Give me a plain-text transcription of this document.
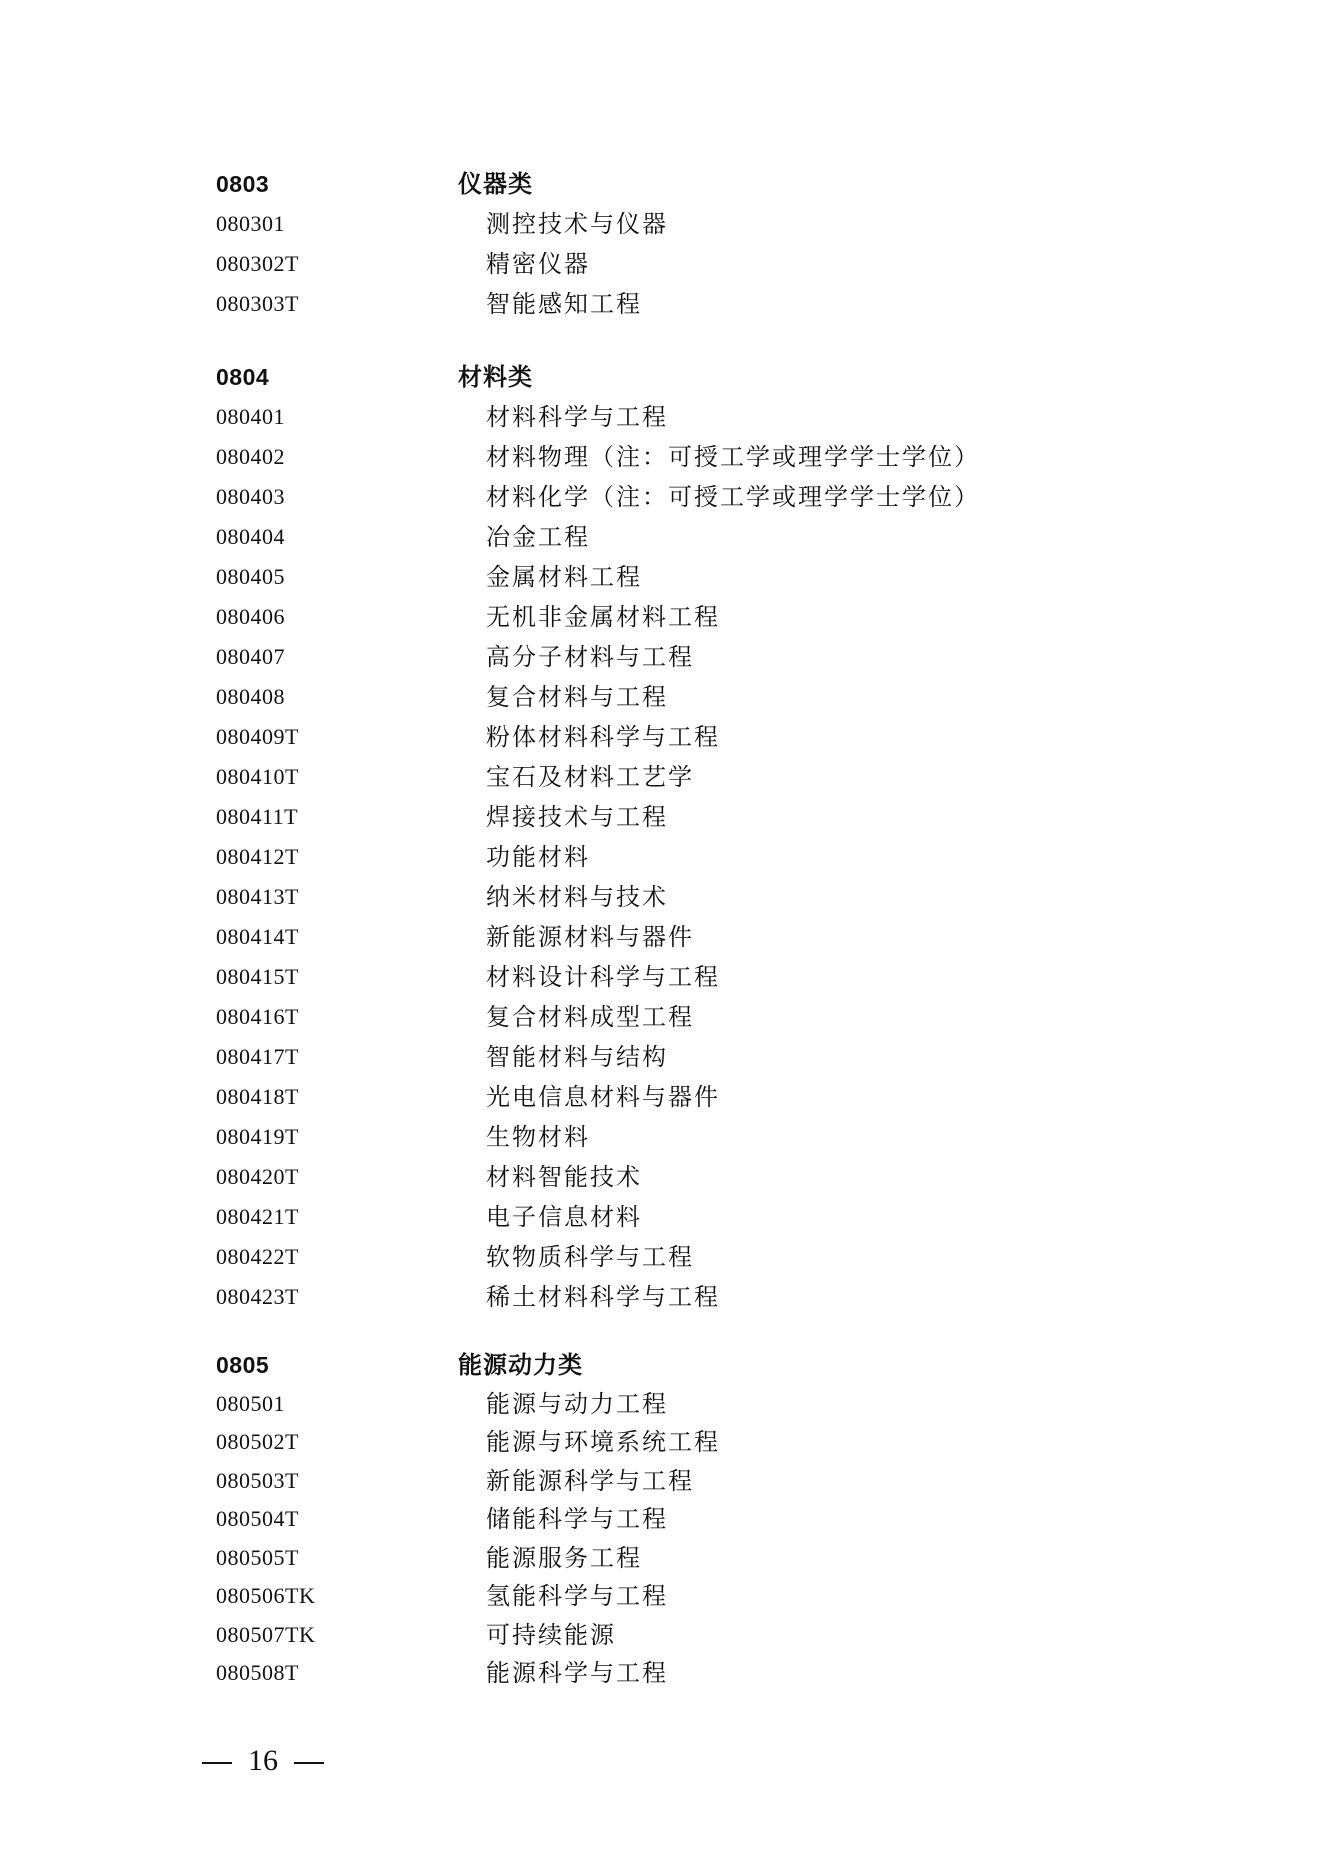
0803	仪器类
080301	测控技术与仪器
080302T	精密仪器
080303T	智能感知工程
0804	材料类
080401	材料科学与工程
080402	材料物理（注：可授工学或理学学士学位）
080403	材料化学（注：可授工学或理学学士学位）
080404	冶金工程
080405	金属材料工程
080406	无机非金属材料工程
080407	高分子材料与工程
080408	复合材料与工程
080409T	粉体材料科学与工程
080410T	宝石及材料工艺学
080411T	焊接技术与工程
080412T	功能材料
080413T	纳米材料与技术
080414T	新能源材料与器件
080415T	材料设计科学与工程
080416T	复合材料成型工程
080417T	智能材料与结构
080418T	光电信息材料与器件
080419T	生物材料
080420T	材料智能技术
080421T	电子信息材料
080422T	软物质科学与工程
080423T	稀土材料科学与工程
0805	能源动力类
080501	能源与动力工程
080502T	能源与环境系统工程
080503T	新能源科学与工程
080504T	储能科学与工程
080505T	能源服务工程
080506TK	氢能科学与工程
080507TK	可持续能源
080508T	能源科学与工程
16
